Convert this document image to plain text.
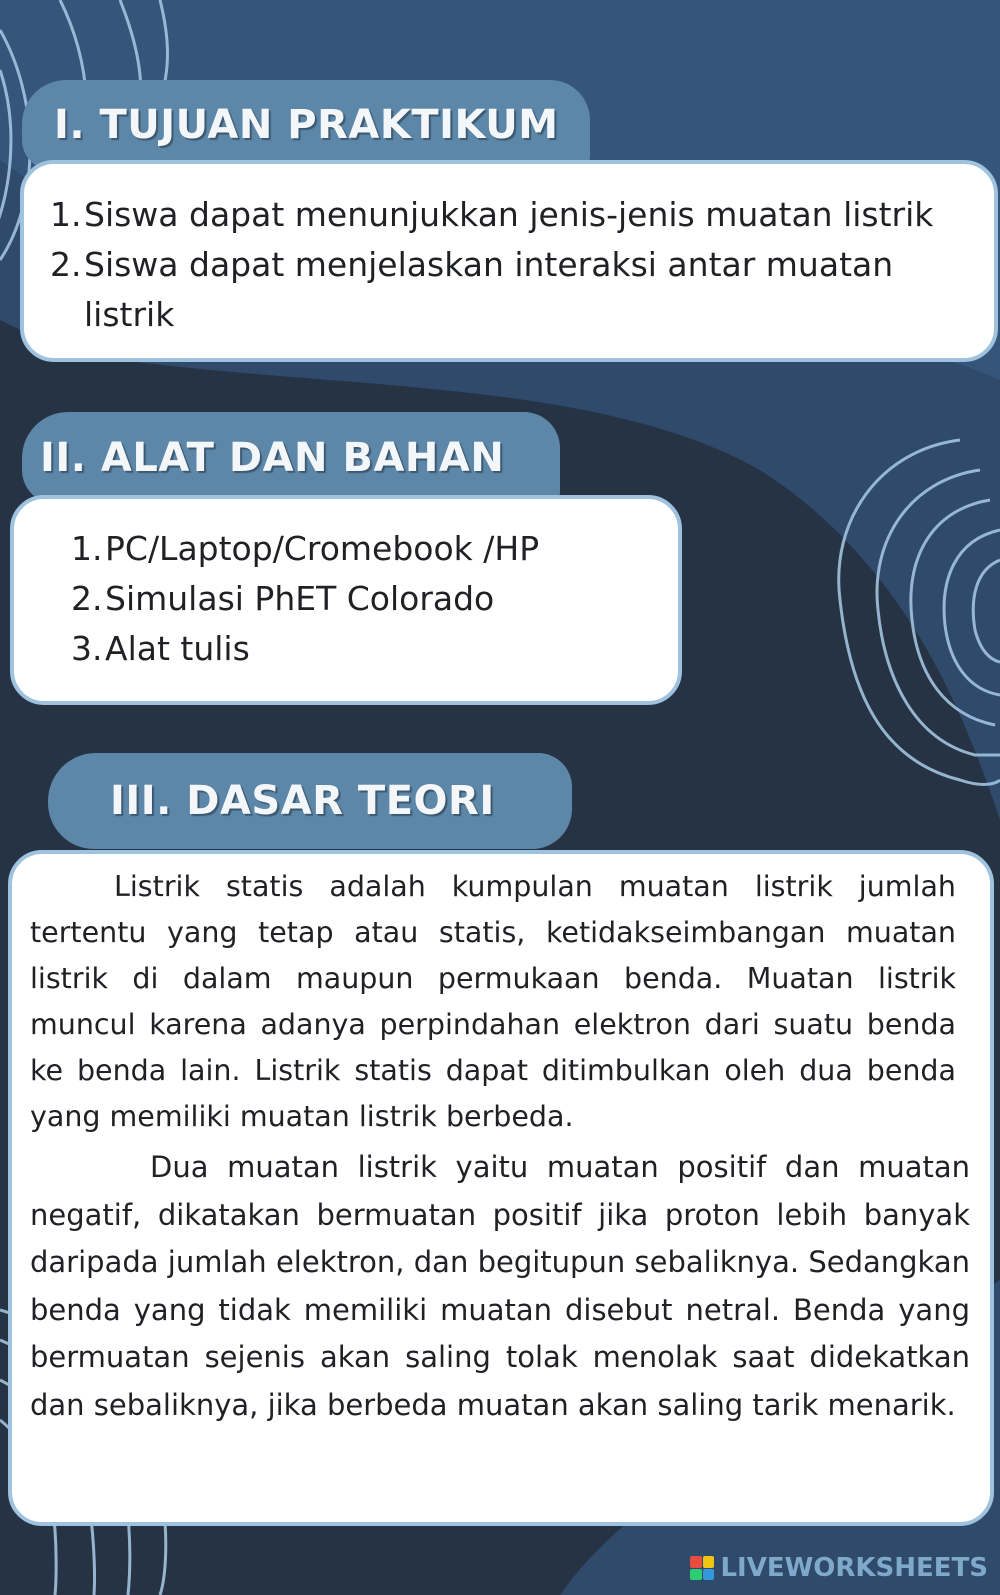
I. TUJUAN PRAKTIKUM
1. Siswa dapat menunjukkan jenis-jenis muatan listrik
2. Siswa dapat menjelaskan interaksi antar muatan listrik
II. ALAT DAN BAHAN
1. PC/Laptop/Cromebook /HP
2. Simulasi PhET Colorado
3. Alat tulis
III. DASAR TEORI

Listrik statis adalah kumpulan muatan listrik jumlah tertentu yang tetap atau statis, ketidakseimbangan muatan listrik di dalam maupun permukaan benda. Muatan listrik muncul karena adanya perpindahan elektron dari suatu benda ke benda lain. Listrik statis dapat ditimbulkan oleh dua benda yang memiliki muatan listrik berbeda.

Dua muatan listrik yaitu muatan positif dan muatan negatif, dikatakan bermuatan positif jika proton lebih banyak daripada jumlah elektron, dan begitupun sebaliknya. Sedangkan benda yang tidak memiliki muatan disebut netral. Benda yang bermuatan sejenis akan saling tolak menolak saat didekatkan dan sebaliknya, jika berbeda muatan akan saling tarik menarik.

LIVEWORKSHEETS
